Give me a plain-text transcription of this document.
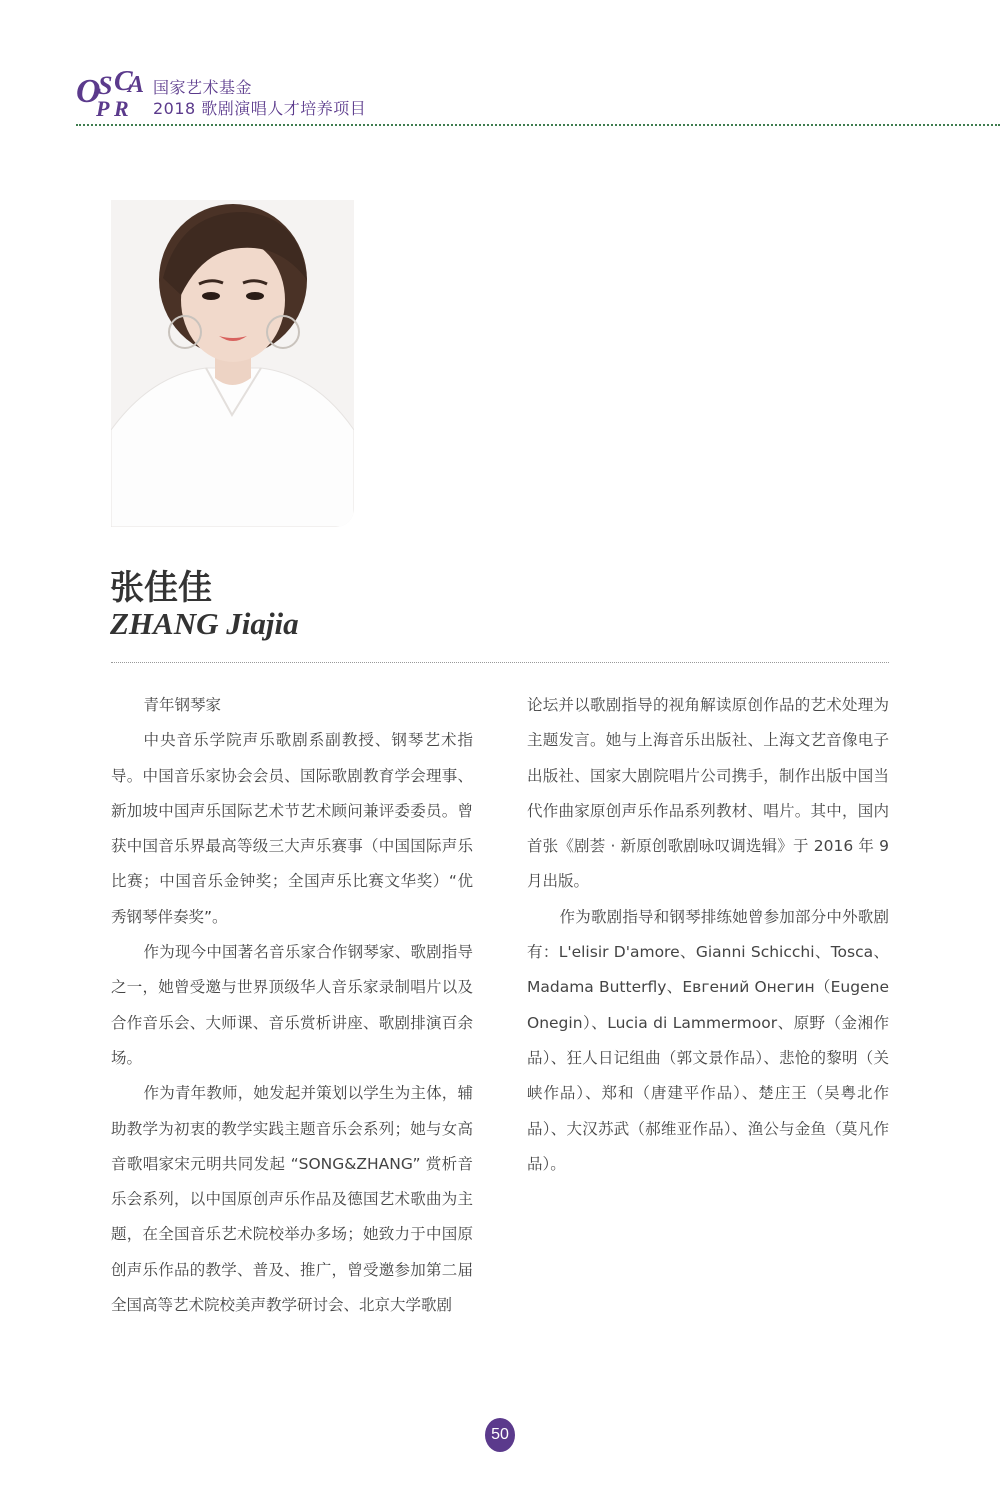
O
S C
A
P R
国家艺术基金
2018 歌剧演唱人才培养项目
张佳佳
ZHANG Jiajia

青年钢琴家

中央音乐学院声乐歌剧系副教授、钢琴艺术指导。中国音乐家协会会员、国际歌剧教育学会理事、新加坡中国声乐国际艺术节艺术顾问兼评委委员。曾获中国音乐界最高等级三大声乐赛事（中国国际声乐比赛；中国音乐金钟奖；全国声乐比赛文华奖）“优秀钢琴伴奏奖”。

作为现今中国著名音乐家合作钢琴家、歌剧指导之一，她曾受邀与世界顶级华人音乐家录制唱片以及合作音乐会、大师课、音乐赏析讲座、歌剧排演百余场。

作为青年教师，她发起并策划以学生为主体，辅助教学为初衷的教学实践主题音乐会系列；她与女高音歌唱家宋元明共同发起 “SONG&ZHANG” 赏析音乐会系列，以中国原创声乐作品及德国艺术歌曲为主题，在全国音乐艺术院校举办多场；她致力于中国原创声乐作品的教学、普及、推广，曾受邀参加第二届全国高等艺术院校美声教学研讨会、北京大学歌剧

论坛并以歌剧指导的视角解读原创作品的艺术处理为主题发言。她与上海音乐出版社、上海文艺音像电子出版社、国家大剧院唱片公司携手，制作出版中国当代作曲家原创声乐作品系列教材、唱片。其中，国内首张《剧荟 · 新原创歌剧咏叹调选辑》于 2016 年 9 月出版。

作为歌剧指导和钢琴排练她曾参加部分中外歌剧有：L'elisir D'amore、Gianni Schicchi、Tosca、Madama Butterfly、Евгений Онегин（Eugene Onegin）、Lucia di Lammermoor、原野（金湘作品）、狂人日记组曲（郭文景作品）、悲怆的黎明（关峡作品）、郑和（唐建平作品）、楚庄王（吴粤北作品）、大汉苏武（郝维亚作品）、渔公与金鱼（莫凡作品）。

50
